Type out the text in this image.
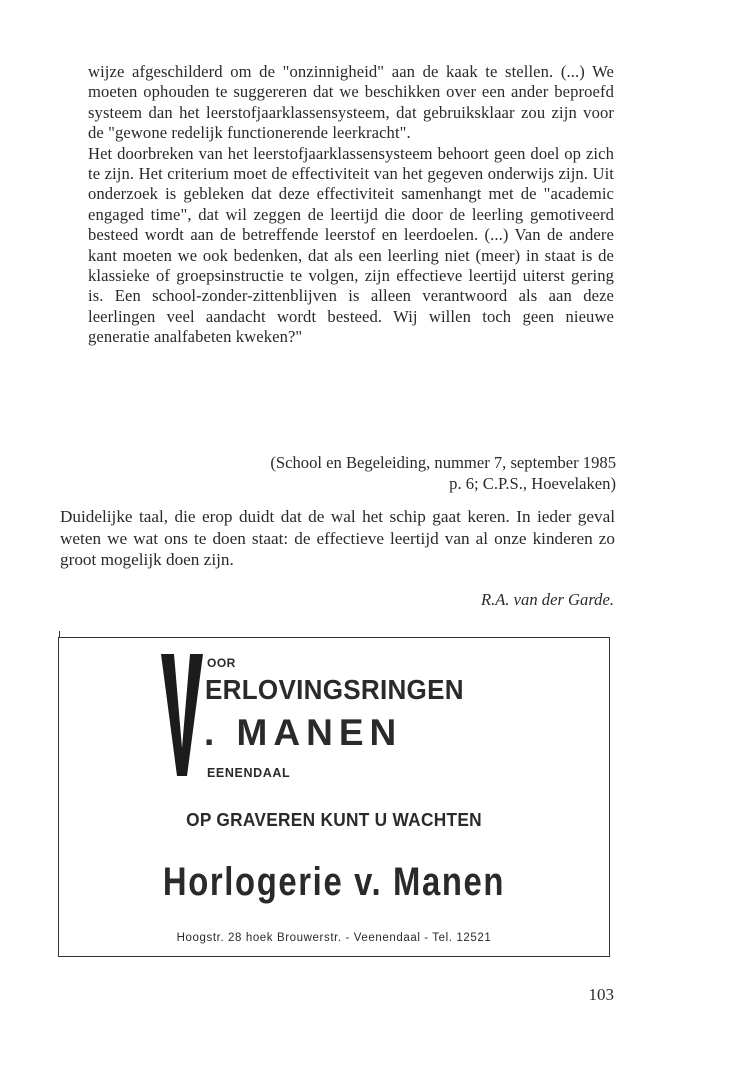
wijze afgeschilderd om de "onzinnigheid" aan de kaak te stellen. (...) We moeten ophouden te suggereren dat we beschikken over een ander beproefd systeem dan het leerstofjaarklassensysteem, dat gebruiksklaar zou zijn voor de "gewone redelijk functionerende leerkracht".

Het doorbreken van het leerstofjaarklassensysteem behoort geen doel op zich te zijn. Het criterium moet de effectiviteit van het gegeven onderwijs zijn. Uit onderzoek is gebleken dat deze effectiviteit samenhangt met de "academic engaged time", dat wil zeggen de leertijd die door de leerling gemotiveerd besteed wordt aan de betreffende leerstof en leerdoelen. (...) Van de andere kant moeten we ook bedenken, dat als een leerling niet (meer) in staat is de klassieke of groepsinstructie te volgen, zijn effectieve leertijd uiterst gering is. Een school-zonder-zittenblijven is alleen verantwoord als aan deze leerlingen veel aandacht wordt besteed. Wij willen toch geen nieuwe generatie analfabeten kweken?"

(School en Begeleiding, nummer 7, september 1985
p. 6; C.P.S., Hoevelaken)
Duidelijke taal, die erop duidt dat de wal het schip gaat keren. In ieder geval weten we wat ons te doen staat: de effectieve leertijd van al onze kinderen zo groot mogelijk doen zijn.
R.A. van der Garde.
OOR
ERLOVINGSRINGEN
. MANEN
EENENDAAL
OP GRAVEREN KUNT U WACHTEN
Horlogerie v. Manen
Hoogstr. 28 hoek Brouwerstr. - Veenendaal - Tel. 12521
103
